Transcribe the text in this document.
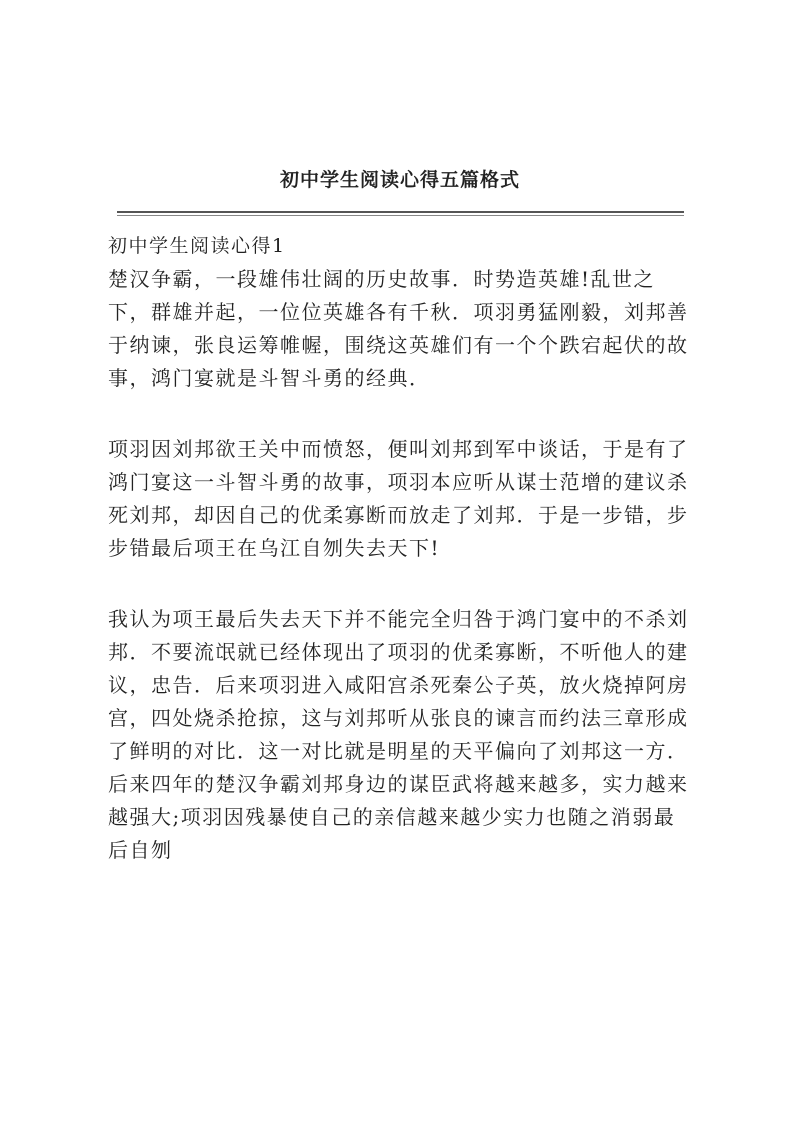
初中学生阅读心得五篇格式

初中学生阅读心得1

楚汉争霸，一段雄伟壮阔的历史故事．时势造英雄!乱世之下，群雄并起，一位位英雄各有千秋．项羽勇猛刚毅，刘邦善于纳谏，张良运筹帷幄，围绕这英雄们有一个个跌宕起伏的故事，鸿门宴就是斗智斗勇的经典．

项羽因刘邦欲王关中而愤怒，便叫刘邦到军中谈话，于是有了鸿门宴这一斗智斗勇的故事，项羽本应听从谋士范增的建议杀死刘邦，却因自己的优柔寡断而放走了刘邦．于是一步错，步步错最后项王在乌江自刎失去天下!

我认为项王最后失去天下并不能完全归咎于鸿门宴中的不杀刘邦．不要流氓就已经体现出了项羽的优柔寡断，不听他人的建议，忠告．后来项羽进入咸阳宫杀死秦公子英，放火烧掉阿房宫，四处烧杀抢掠，这与刘邦听从张良的谏言而约法三章形成了鲜明的对比．这一对比就是明星的天平偏向了刘邦这一方．后来四年的楚汉争霸刘邦身边的谋臣武将越来越多，实力越来越强大;项羽因残暴使自己的亲信越来越少实力也随之消弱最后自刎
